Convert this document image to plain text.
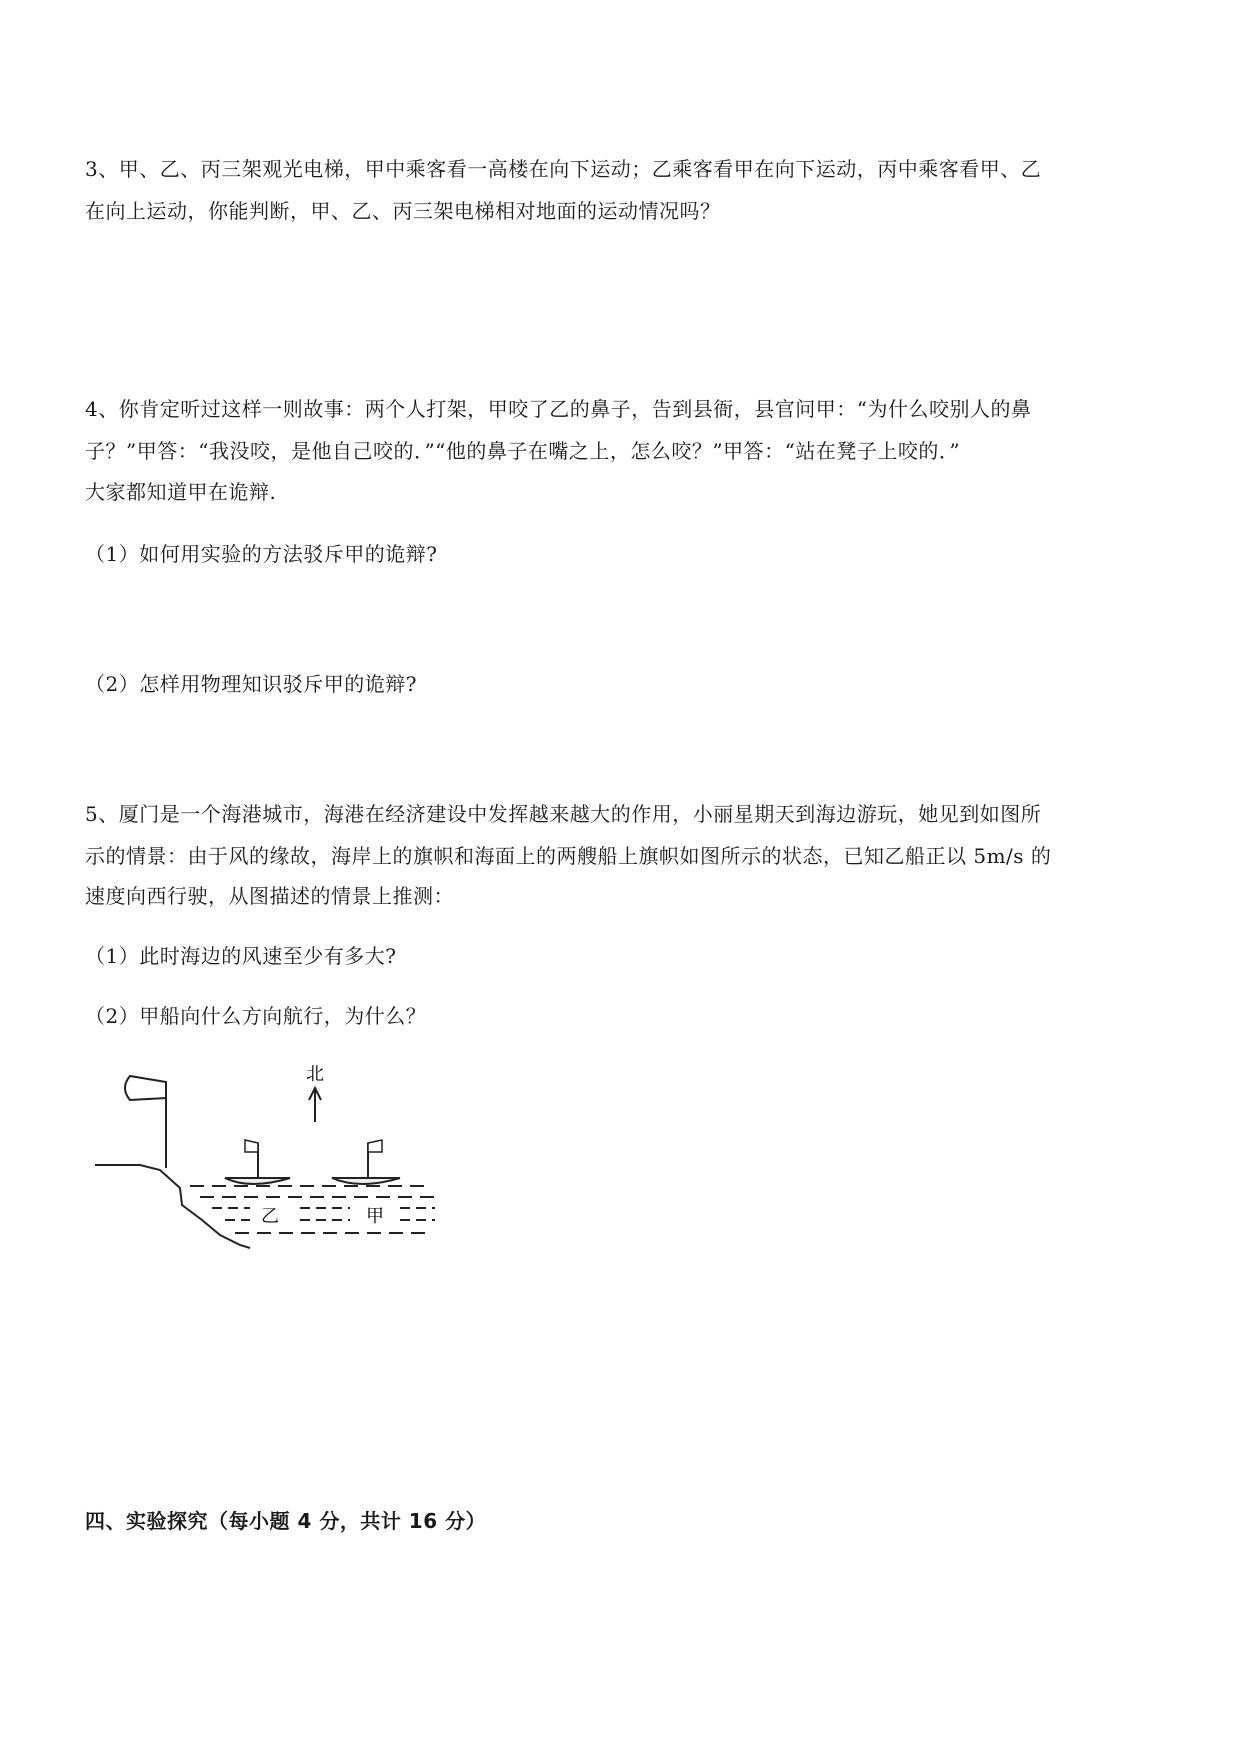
3、甲、乙、丙三架观光电梯，甲中乘客看一高楼在向下运动；乙乘客看甲在向下运动，丙中乘客看甲、乙
在向上运动，你能判断，甲、乙、丙三架电梯相对地面的运动情况吗？
4、你肯定听过这样一则故事：两个人打架，甲咬了乙的鼻子，告到县衙，县官问甲：“为什么咬别人的鼻
子？”甲答：“我没咬，是他自己咬的．”“他的鼻子在嘴之上，怎么咬？”甲答：“站在凳子上咬的．”
大家都知道甲在诡辩.
（1）如何用实验的方法驳斥甲的诡辩?
（2）怎样用物理知识驳斥甲的诡辩?
5、厦门是一个海港城市，海港在经济建设中发挥越来越大的作用，小丽星期天到海边游玩，她见到如图所
示的情景：由于风的缘故，海岸上的旗帜和海面上的两艘船上旗帜如图所示的状态，已知乙船正以 5m/s 的
速度向西行驶，从图描述的情景上推测：
（1）此时海边的风速至少有多大?
（2）甲船向什么方向航行，为什么？
北
乙	甲
四、实验探究（每小题 4 分，共计 16 分）
